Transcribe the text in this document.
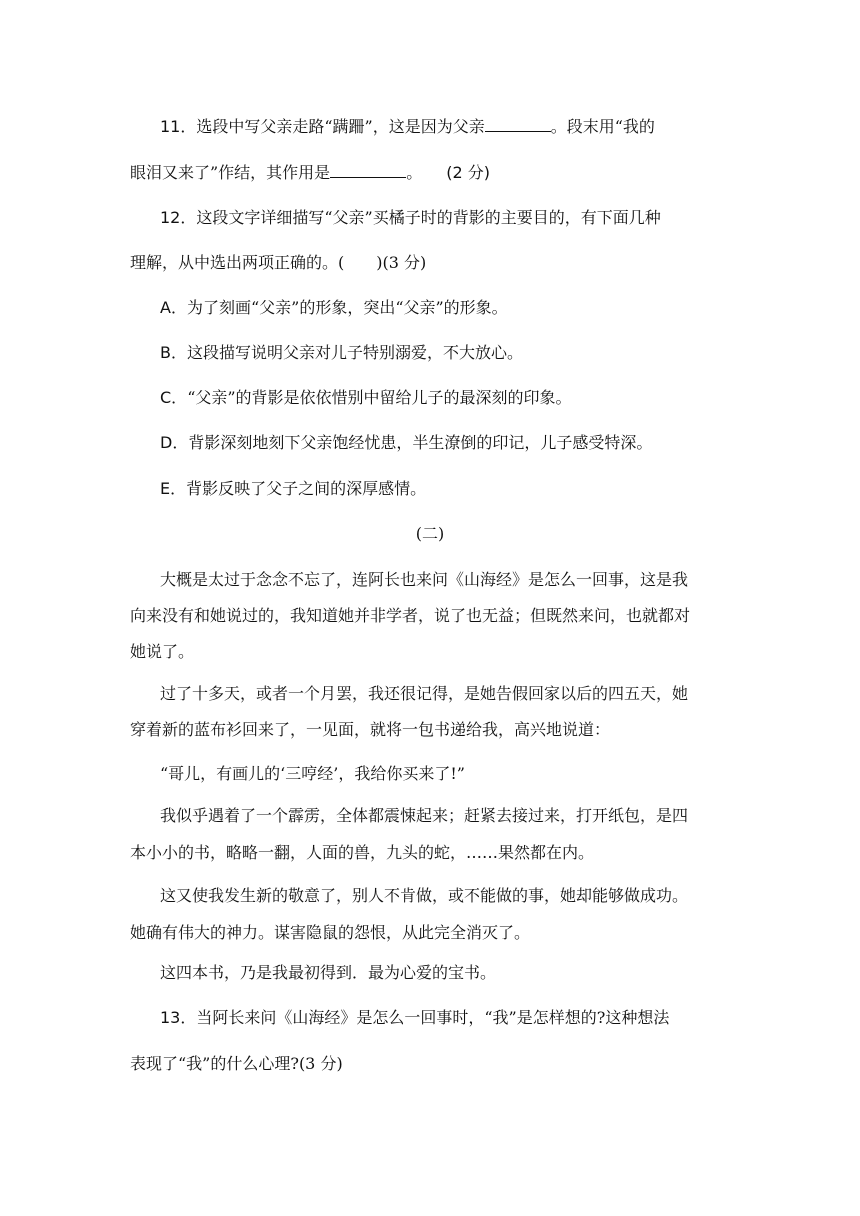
11．选段中写父亲走路“蹒跚”，这是因为父亲	。段末用“我的
眼泪又来了”作结，其作用是	。 (2 分)
12．这段文字详细描写“父亲”买橘子时的背影的主要目的，有下面几种
理解，从中选出两项正确的。(　　)(3 分)
A．为了刻画“父亲”的形象，突出“父亲”的形象。
B．这段描写说明父亲对儿子特别溺爱，不大放心。
C．“父亲”的背影是依依惜别中留给儿子的最深刻的印象。
D．背影深刻地刻下父亲饱经忧患，半生潦倒的印记，儿子感受特深。
E．背影反映了父子之间的深厚感情。
(二)
大概是太过于念念不忘了，连阿长也来问《山海经》是怎么一回事，这是我
向来没有和她说过的，我知道她并非学者，说了也无益；但既然来问，也就都对
她说了。
过了十多天，或者一个月罢，我还很记得，是她告假回家以后的四五天，她
穿着新的蓝布衫回来了，一见面，就将一包书递给我，高兴地说道：
“哥儿，有画儿的‘三哼经’，我给你买来了!”
我似乎遇着了一个霹雳，全体都震悚起来；赶紧去接过来，打开纸包，是四
本小小的书，略略一翻，人面的兽，九头的蛇，……果然都在内。
这又使我发生新的敬意了，别人不肯做，或不能做的事，她却能够做成功。
她确有伟大的神力。谋害隐鼠的怨恨，从此完全消灭了。
这四本书，乃是我最初得到．最为心爱的宝书。
13．当阿长来问《山海经》是怎么一回事时，“我”是怎样想的?这种想法
表现了“我”的什么心理?(3 分)
